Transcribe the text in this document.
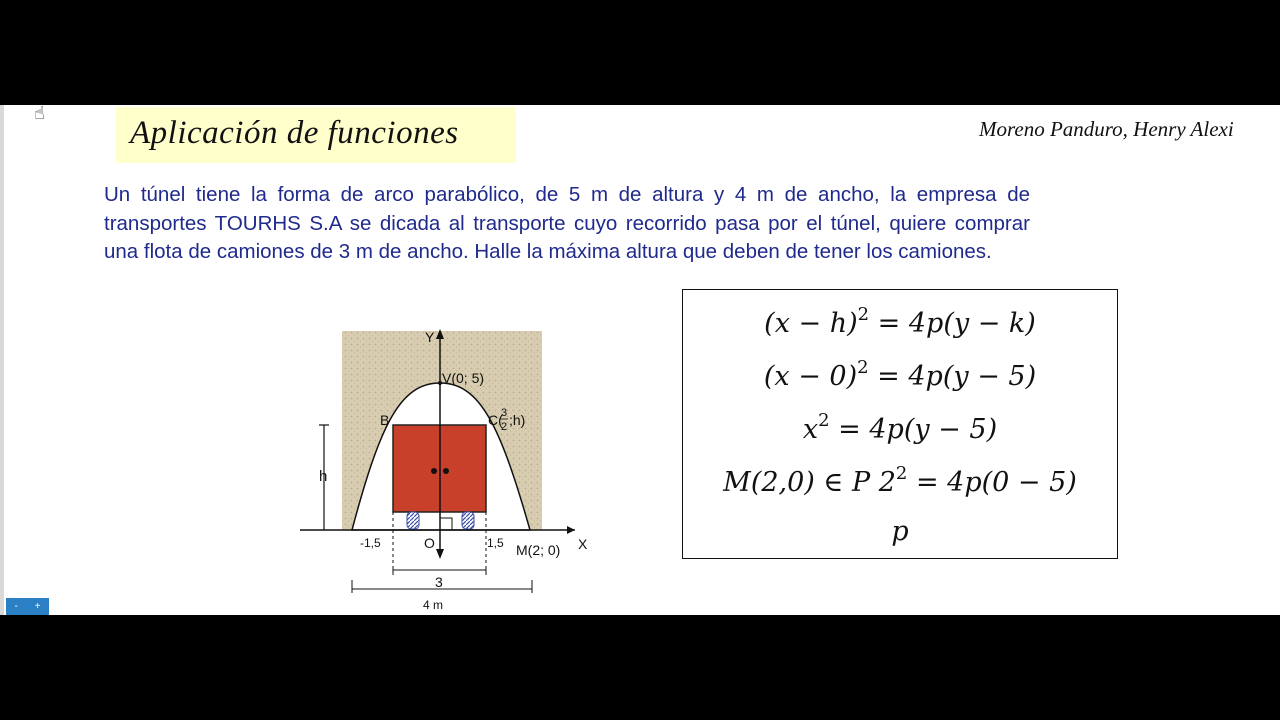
☝
Aplicación de funciones	Moreno Panduro, Henry Alexi
Un túnel tiene la forma de arco parabólico, de 5 m de altura y 4 m de ancho, la empresa de transportes TOURHS S.A se dicada al transporte cuyo recorrido pasa por el túnel, quiere comprar una flota de camiones de 3 m de ancho. Halle la máxima altura que deben de tener los camiones.
$(x - h)^2 = 4p(y - k)$
$(x - 0)^2 = 4p(y - 5)$
$x^2 = 4p(y - 5)$
M(2,0) ∈ P $2^2 = 4p(0 - 5)$
p
Y
V(0; 5)
B	C(
3
2 ;h)
h
O
-1,5	1,5 M(2; 0) X
3
4 m
- +
